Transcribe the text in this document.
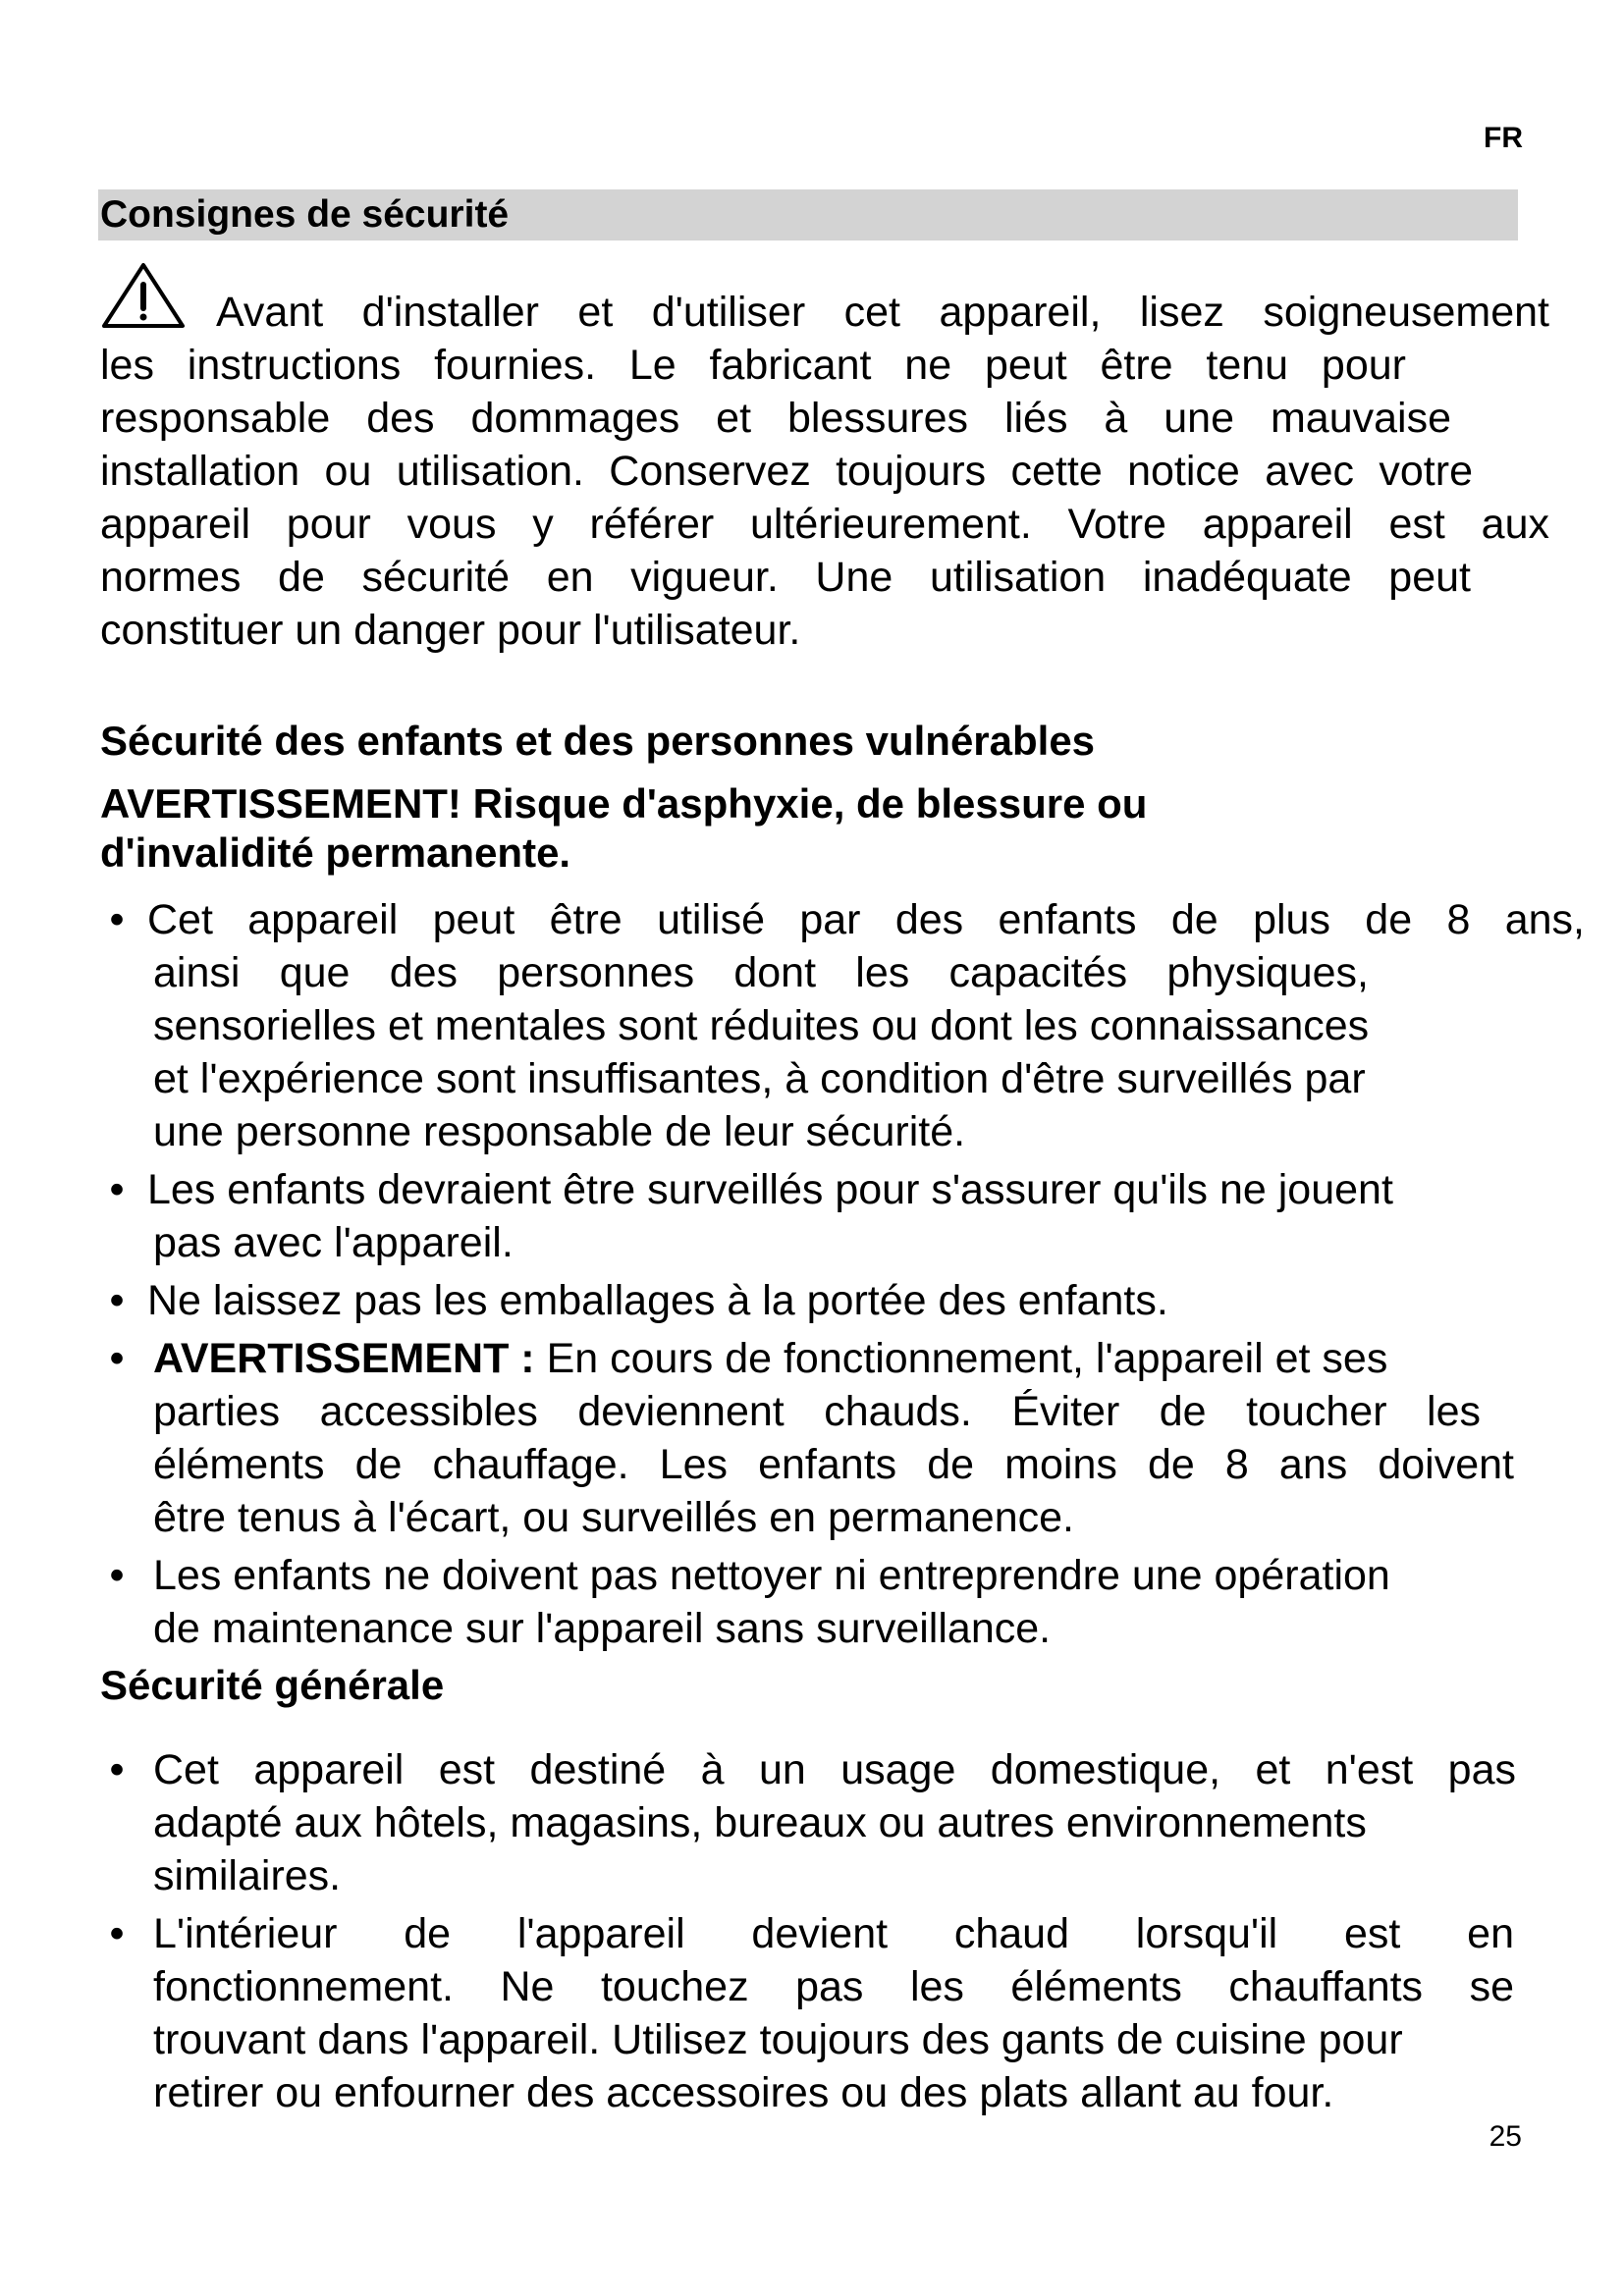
FR
Consignes de sécurité
Avant d'installer et d'utiliser cet appareil, lisez soigneusement
les instructions fournies. Le fabricant ne peut être tenu pour
responsable des dommages et blessures liés à une mauvaise
installation ou utilisation. Conservez toujours cette notice avec votre
appareil pour vous y référer ultérieurement. Votre appareil est aux
normes de sécurité en vigueur. Une utilisation inadéquate peut
constituer un danger pour l'utilisateur.
Sécurité des enfants et des personnes vulnérables
AVERTISSEMENT! Risque d'asphyxie, de blessure ou
d'invalidité permanente.
• Cet appareil peut être utilisé par des enfants de plus de 8 ans,
ainsi que des personnes dont les capacités physiques,
sensorielles et mentales sont réduites ou dont les connaissances
et l'expérience sont insuffisantes, à condition d'être surveillés par
une personne responsable de leur sécurité.
• Les enfants devraient être surveillés pour s'assurer qu'ils ne jouent
pas avec l'appareil.
• Ne laissez pas les emballages à la portée des enfants.
• AVERTISSEMENT : En cours de fonctionnement, l'appareil et ses
parties accessibles deviennent chauds. Éviter de toucher les
éléments de chauffage. Les enfants de moins de 8 ans doivent
être tenus à l'écart, ou surveillés en permanence.
• Les enfants ne doivent pas nettoyer ni entreprendre une opération
de maintenance sur l'appareil sans surveillance.
Sécurité générale
• Cet appareil est destiné à un usage domestique, et n'est pas
adapté aux hôtels, magasins, bureaux ou autres environnements
similaires.
• L'intérieur de l'appareil devient chaud lorsqu'il est en
fonctionnement. Ne touchez pas les éléments chauffants se
trouvant dans l'appareil. Utilisez toujours des gants de cuisine pour
retirer ou enfourner des accessoires ou des plats allant au four.
25
